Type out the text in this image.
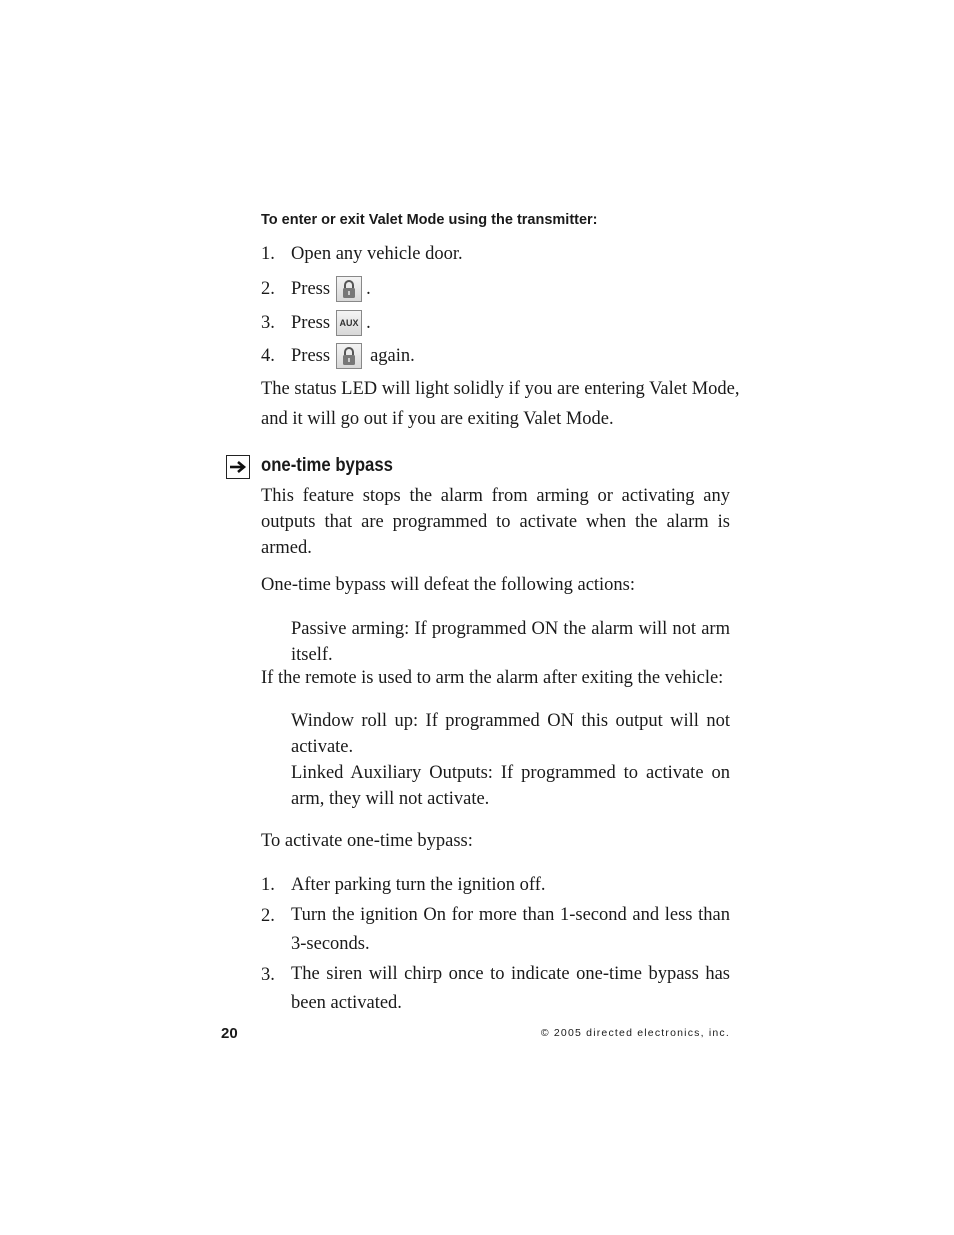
To enter or exit Valet Mode using the transmitter:
1. Open any vehicle door.
2. Press .
3. Press AUX .
4. Press again.
The status LED will light solidly if you are entering Valet Mode,
and it will go out if you are exiting Valet Mode.
one-time bypass
This feature stops the alarm from arming or activating any outputs that are programmed to activate when the alarm is armed.
One-time bypass will defeat the following actions:
Passive arming: If programmed ON the alarm will not arm itself.
If the remote is used to arm the alarm after exiting the vehicle:
Window roll up: If programmed ON this output will not activate.
Linked Auxiliary Outputs: If programmed to activate on arm, they will not activate.
To activate one-time bypass:
1. After parking turn the ignition off.
2. Turn the ignition On for more than 1-second and less than 3-seconds.
3. The siren will chirp once to indicate one-time bypass has been activated.
20	© 2005 directed electronics, inc.
